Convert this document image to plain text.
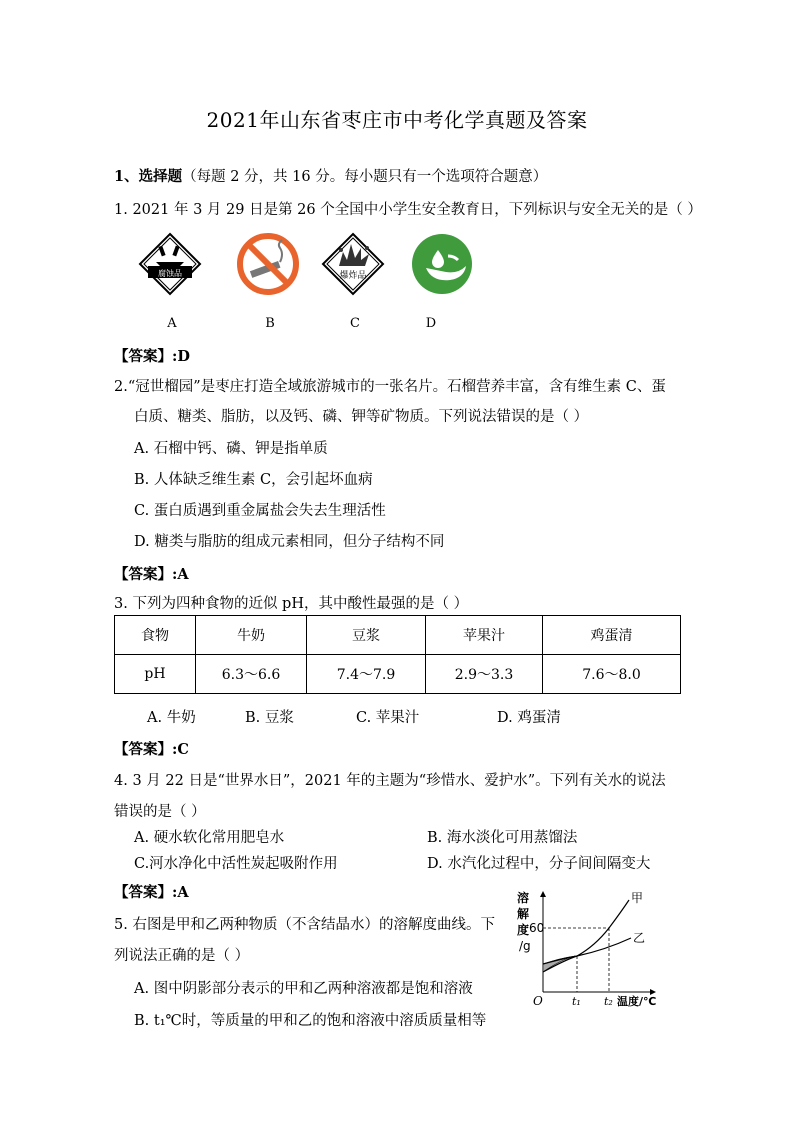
2021年山东省枣庄市中考化学真题及答案
1、选择题（每题 2 分，共 16 分。每小题只有一个选项符合题意）
1. 2021 年 3 月 29 日是第 26 个全国中小学生安全教育日，下列标识与安全无关的是（ ）
腐蚀品	爆炸品
A	B	C	D
【答案】:D
2.“冠世榴园”是枣庄打造全域旅游城市的一张名片。石榴营养丰富，含有维生素 C、蛋
白质、糖类、脂肪，以及钙、磷、钾等矿物质。下列说法错误的是（ ）
A. 石榴中钙、磷、钾是指单质
B. 人体缺乏维生素 C，会引起坏血病
C. 蛋白质遇到重金属盐会失去生理活性
D. 糖类与脂肪的组成元素相同，但分子结构不同
【答案】:A
3. 下列为四种食物的近似 pH，其中酸性最强的是（ ）
食物	牛奶	豆浆	苹果汁	鸡蛋清
pH	6.3～6.6	7.4～7.9	2.9～3.3	7.6～8.0
A. 牛奶	B. 豆浆	C. 苹果汁	D. 鸡蛋清
【答案】:C
4. 3 月 22 日是“世界水日”，2021 年的主题为“珍惜水、爱护水”。下列有关水的说法
错误的是（ ）
A. 硬水软化常用肥皂水	B. 海水淡化可用蒸馏法
C.河水净化中活性炭起吸附作用	D. 水汽化过程中，分子间间隔变大
【答案】:A
5. 右图是甲和乙两种物质（不含结晶水）的溶解度曲线。下
列说法正确的是（ ）
A. 图中阴影部分表示的甲和乙两种溶液都是饱和溶液
B. t₁℃时，等质量的甲和乙的饱和溶液中溶质质量相等
溶
解
度
/g
60
O	t₁ t₂ 温度/℃
甲
乙
